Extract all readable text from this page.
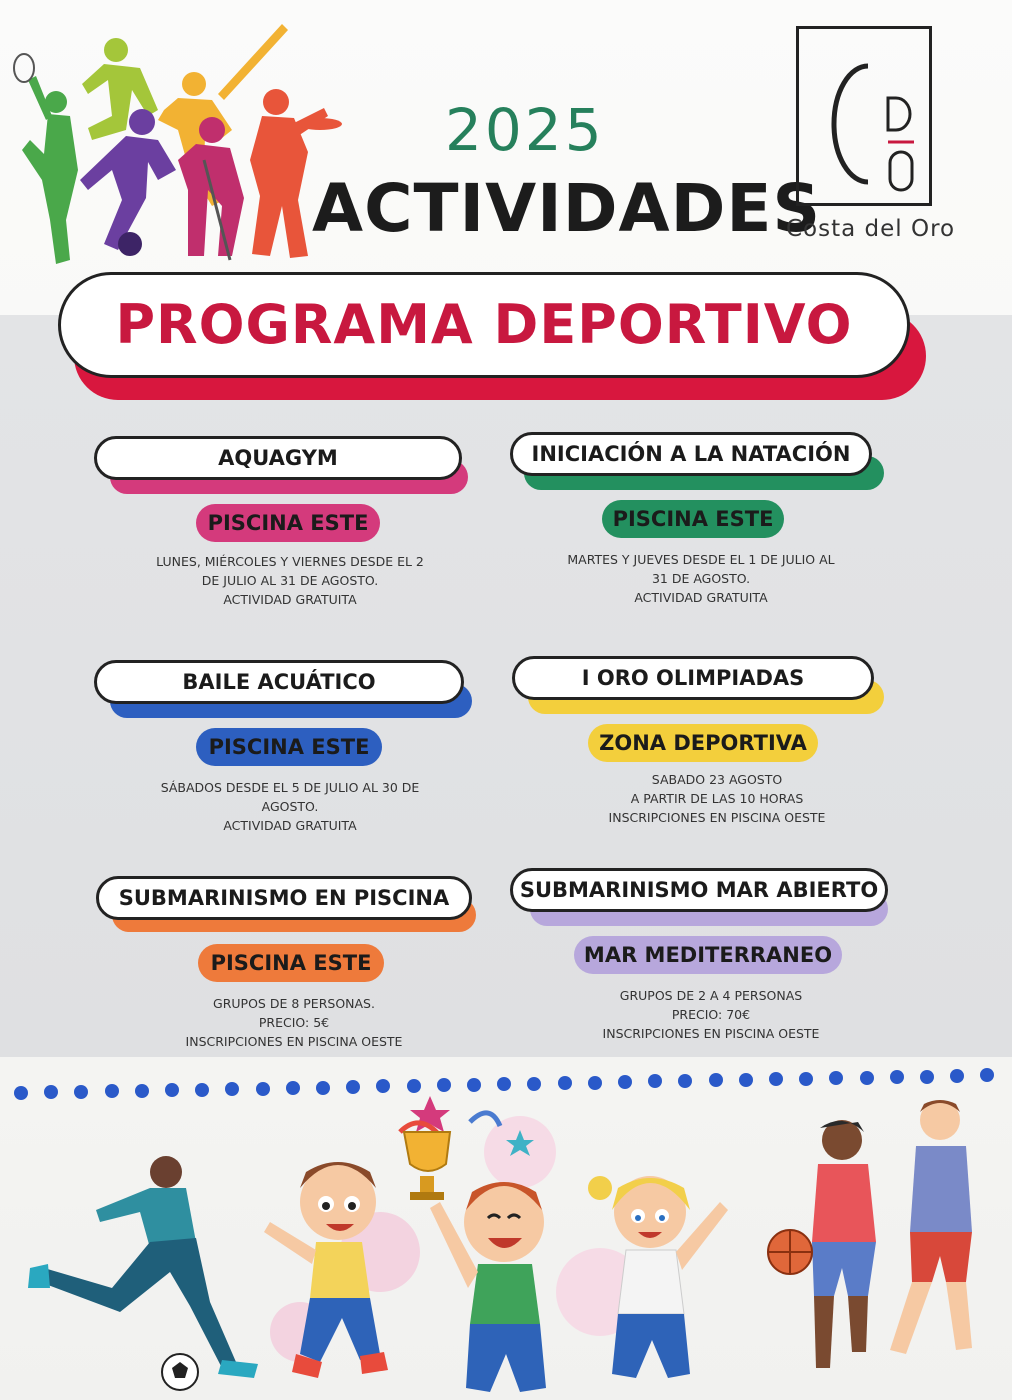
2025
ACTIVIDADES
Costa del Oro
PROGRAMA DEPORTIVO
AQUAGYM
PISCINA ESTE
LUNES, MIÉRCOLES Y VIERNES DESDE EL 2
DE JULIO AL 31 DE AGOSTO.
ACTIVIDAD GRATUITA
INICIACIÓN A LA NATACIÓN
PISCINA ESTE
MARTES Y JUEVES DESDE EL 1 DE JULIO AL
31 DE AGOSTO.
ACTIVIDAD GRATUITA
BAILE ACUÁTICO
PISCINA ESTE
SÁBADOS DESDE EL 5 DE JULIO AL 30 DE
AGOSTO.
ACTIVIDAD GRATUITA
I ORO OLIMPIADAS
ZONA DEPORTIVA
SABADO 23 AGOSTO
A PARTIR DE LAS 10 HORAS
INSCRIPCIONES EN PISCINA OESTE
SUBMARINISMO EN PISCINA
PISCINA ESTE
GRUPOS DE 8 PERSONAS.
PRECIO: 5€
INSCRIPCIONES EN PISCINA OESTE
SUBMARINISMO MAR ABIERTO
MAR MEDITERRANEO
GRUPOS DE 2 A 4 PERSONAS
PRECIO: 70€
INSCRIPCIONES EN PISCINA OESTE
